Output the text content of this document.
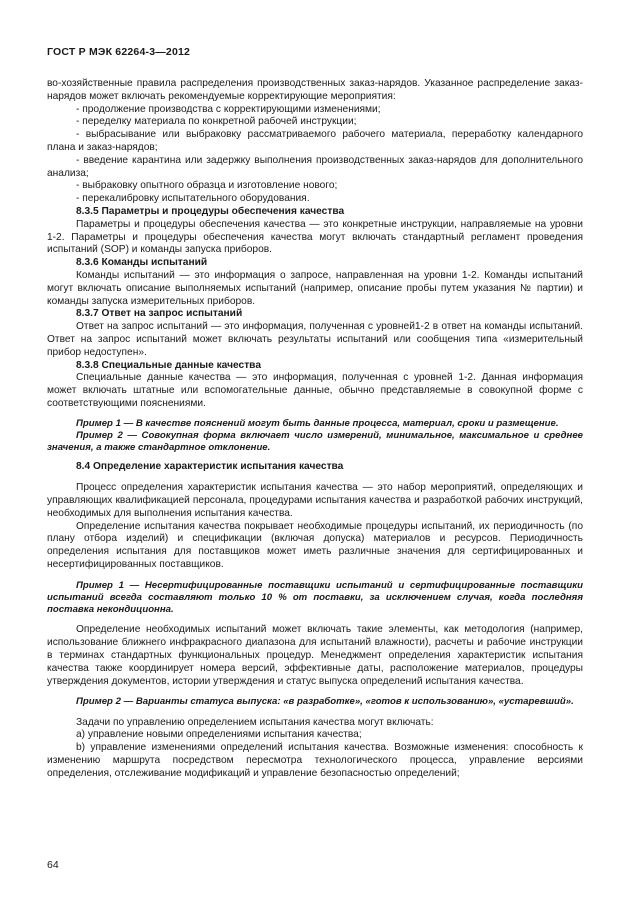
ГОСТ Р МЭК 62264-3—2012

во-хозяйственные правила распределения производственных заказ-нарядов. Указанное распределение заказ-нарядов может включать рекомендуемые корректирующие мероприятия:

- продолжение производства с корректирующими изменениями;

- переделку материала по конкретной рабочей инструкции;

- выбрасывание или выбраковку рассматриваемого рабочего материала, переработку календарного плана и заказ-нарядов;

- введение карантина или задержку выполнения производственных заказ-нарядов для дополнительного анализа;

- выбраковку опытного образца и изготовление нового;

- перекалибровку испытательного оборудования.

8.3.5 Параметры и процедуры обеспечения качества

Параметры и процедуры обеспечения качества — это конкретные инструкции, направляемые на уровни 1-2. Параметры и процедуры обеспечения качества могут включать стандартный регламент проведения испытаний (SOP) и команды запуска приборов.

8.3.6 Команды испытаний

Команды испытаний — это информация о запросе, направленная на уровни 1-2. Команды испытаний могут включать описание выполняемых испытаний (например, описание пробы путем указания № партии) и команды запуска измерительных приборов.

8.3.7 Ответ на запрос испытаний

Ответ на запрос испытаний — это информация, полученная с уровней1-2 в ответ на команды испытаний. Ответ на запрос испытаний может включать результаты испытаний или сообщения типа «измерительный прибор недоступен».

8.3.8 Специальные данные качества

Специальные данные качества — это информация, полученная с уровней 1-2. Данная информация может включать штатные или вспомогательные данные, обычно представляемые в совокупной форме с соответствующими пояснениями.

Пример 1 — В качестве пояснений могут быть данные процесса, материал, сроки и размещение.

Пример 2 — Совокупная форма включает число измерений, минимальное, максимальное и среднее значения, а также стандартное отклонение.

8.4 Определение характеристик испытания качества

Процесс определения характеристик испытания качества — это набор мероприятий, определяющих и управляющих квалификацией персонала, процедурами испытания качества и разработкой рабочих инструкций, необходимых для выполнения испытания качества.

Определение испытания качества покрывает необходимые процедуры испытаний, их периодичность (по плану отбора изделий) и спецификации (включая допуска) материалов и ресурсов. Периодичность определения испытания для поставщиков может иметь различные значения для сертифицированных и несертифицированных поставщиков.

Пример 1 — Несертифицированные поставщики испытаний и сертифицированные поставщики испытаний всегда составляют только 10 % от поставки, за исключением случая, когда последняя поставка некондиционна.

Определение необходимых испытаний может включать такие элементы, как методология (например, использование ближнего инфракрасного диапазона для испытаний влажности), расчеты и рабочие инструкции в терминах стандартных функциональных процедур. Менеджмент определения характеристик испытания качества также координирует номера версий, эффективные даты, расположение материалов, процедуры утверждения документов, истории утверждения и статус выпуска определений испытания качества.

Пример 2 — Варианты статуса выпуска: «в разработке», «готов к использованию», «устаревший».

Задачи по управлению определением испытания качества могут включать:

a) управление новыми определениями испытания качества;

b) управление изменениями определений испытания качества. Возможные изменения: способность к изменению маршрута посредством пересмотра технологического процесса, управление версиями определения, отслеживание модификаций и управление безопасностью определений;

64
